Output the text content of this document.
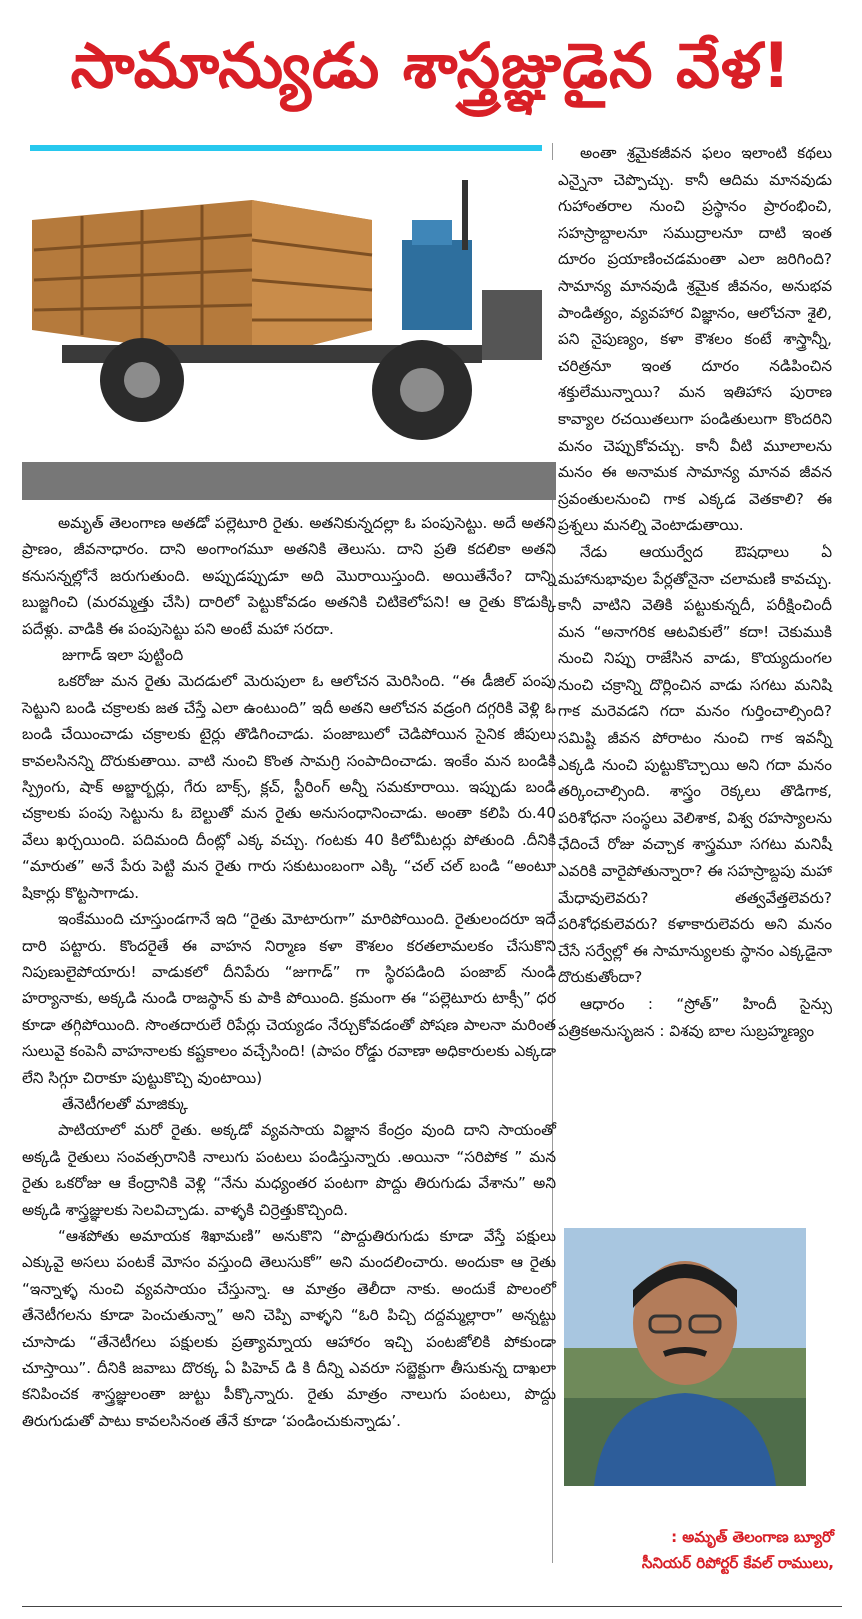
సామాన్యుడు శాస్త్రజ్ఞుడైన వేళ!

అమృత్ తెలంగాణ అతడో పల్లెటూరి రైతు. అతనికున్నదల్లా ఓ పంపుసెట్టు. అదే అతని ప్రాణం, జీవనాధారం. దాని అంగాంగమూ అతనికి తెలుసు. దాని ప్రతి కదలికా అతని కనుసన్నల్లోనే జరుగుతుంది. అప్పుడప్పుడూ అది మొరాయిస్తుంది. అయితేనేం? దాన్ని బుజ్జగించి (మరమ్మత్తు చేసి) దారిలో పెట్టుకోవడం అతనికి చిటికెలోపని! ఆ రైతు కొడుక్కి పదేళ్లు. వాడికి ఈ పంపుసెట్టు పని అంటే మహా సరదా.

జుగాడ్ ఇలా పుట్టింది

ఒకరోజు మన రైతు మెదడులో మెరుపులా ఓ ఆలోచన మెరిసింది. “ఈ డీజిల్ పంపు సెట్టుని బండి చక్రాలకు జత చేస్తే ఎలా ఉంటుంది” ఇదీ అతని ఆలోచన వడ్రంగి దగ్గరికి వెళ్లి ఓ బండి చేయించాడు చక్రాలకు టైర్లు తొడిగించాడు. పంజాబులో చెడిపోయిన సైనిక జీపులు కావలసినన్ని దొరుకుతాయి. వాటి నుంచి కొంత సామగ్రి సంపాదించాడు. ఇంకేం మన బండికి స్ప్రింగు, షాక్ అబ్జార్బర్లు, గేరు బాక్స్, క్లచ్, స్టీరింగ్ అన్నీ సమకూరాయి. ఇప్పుడు బండి చక్రాలకు పంపు సెట్టును ఓ బెల్టుతో మన రైతు అనుసంధానించాడు. అంతా కలిపి రు.40 వేలు ఖర్చయింది. పదిమంది దీంట్లో ఎక్క వచ్చు. గంటకు 40 కిలోమీటర్లు పోతుంది .దీనికి “మారుత” అనే పేరు పెట్టి మన రైతు గారు సకుటుంబంగా ఎక్కి “చల్ చల్ బండి “అంటూ షికార్లు కొట్టసాగాడు.

ఇంకేముంది చూస్తుండగానే ఇది “రైతు మోటారుగా” మారిపోయింది. రైతులందరూ ఇదే దారి పట్టారు. కొందరైతే ఈ వాహన నిర్మాణ కళా కౌశలం కరతలామలకం చేసుకొని నిపుణులైపోయారు! వాడుకలో దీనిపేరు “జుగాడ్” గా స్థిరపడింది పంజాబ్ నుండి హర్యానాకు, అక్కడి నుండి రాజస్థాన్ కు పాకి పోయింది. క్రమంగా ఈ “పల్లెటూరు టాక్సీ” ధర కూడా తగ్గిపోయింది. సొంతదారులే రిపేర్లు చెయ్యడం నేర్చుకోవడంతో పోషణ పాలనా మరింత సులువై కంపెనీ వాహనాలకు కష్టకాలం వచ్చేసింది! (పాపం రోడ్డు రవాణా అధికారులకు ఎక్కడా లేని సిగ్గూ చిరాకూ పుట్టుకొచ్చి వుంటాయి)

తేనెటీగలతో మాజిక్కు

పాటియాలో మరో రైతు. అక్కడో వ్యవసాయ విజ్ఞాన కేంద్రం వుంది దాని సాయంతో అక్కడి రైతులు సంవత్సరానికి నాలుగు పంటలు పండిస్తున్నారు .అయినా “సరిపోక ” మన రైతు ఒకరోజు ఆ కేంద్రానికి వెళ్లి “నేను మధ్యంతర పంటగా పొద్దు తిరుగుడు వేశాను” అని అక్కడి శాస్త్రజ్ఞులకు సెలవిచ్చాడు. వాళ్ళకి చిర్రెత్తుకొచ్చింది.

“ఆశపోతు అమాయక శిఖామణి” అనుకొని “పొద్దుతిరుగుడు కూడా వేస్తే పక్షులు ఎక్కువై అసలు పంటకే మోసం వస్తుంది తెలుసుకో” అని మందలించారు. అందుకా ఆ రైతు “ఇన్నాళ్ళ నుంచి వ్యవసాయం చేస్తున్నా. ఆ మాత్రం తెలీదా నాకు. అందుకే పొలంలో తేనెటీగలను కూడా పెంచుతున్నా” అని చెప్పి వాళ్ళని “ఓరి పిచ్చి దద్దమ్మల్లారా” అన్నట్టు చూసాడు “తేనెటీగలు పక్షులకు ప్రత్యామ్నాయ ఆహారం ఇచ్చి పంటజోలికి పోకుండా చూస్తాయి”. దీనికి జవాబు దొరక్క ఏ పిహెచ్ డి కి దీన్ని ఎవరూ సబ్జెక్టుగా తీసుకున్న దాఖలా కనిపించక శాస్త్రజ్ఞులంతా జుట్టు పీక్కొన్నారు. రైతు మాత్రం నాలుగు పంటలు, పొద్దు తిరుగుడుతో పాటు కావలసినంత తేనే కూడా ‘పండించుకున్నాడు’.

అంతా శ్రమైకజీవన ఫలం ఇలాంటి కథలు ఎన్నైనా చెప్పొచ్చు. కానీ ఆదిమ మానవుడు గుహాంతరాల నుంచి ప్రస్థానం ప్రారంభించి, సహస్రాబ్దాలనూ సముద్రాలనూ దాటి ఇంత దూరం ప్రయాణించడమంతా ఎలా జరిగింది? సామాన్య మానవుడి శ్రమైక జీవనం, అనుభవ పాండిత్యం, వ్యవహార విజ్ఞానం, ఆలోచనా శైలి, పని నైపుణ్యం, కళా కౌశలం కంటే శాస్త్రాన్నీ, చరిత్రనూ ఇంత దూరం నడిపించిన శక్తులేమున్నాయి? మన ఇతిహాస పురాణ కావ్యాల రచయితలుగా పండితులుగా కొందరిని మనం చెప్పుకోవచ్చు. కానీ వీటి మూలాలను మనం ఈ అనామక సామాన్య మానవ జీవన స్రవంతులనుంచి గాక ఎక్కడ వెతకాలి? ఈ ప్రశ్నలు మనల్ని వెంటాడుతాయి.

నేడు ఆయుర్వేద ఔషధాలు ఏ మహానుభావుల పేర్లతోనైనా చలామణి కావచ్చు. కానీ వాటిని వెతికి పట్టుకున్నదీ, పరీక్షించిందీ మన “అనాగరిక ఆటవికులే” కదా! చెకుముకి నుంచి నిప్పు రాజేసిన వాడు, కొయ్యదుంగల నుంచి చక్రాన్ని దొర్లించిన వాడు సగటు మనిషి గాక మరెవడని గదా మనం గుర్తించాల్సింది? సమిష్టి జీవన పోరాటం నుంచి గాక ఇవన్నీ ఎక్కడి నుంచి పుట్టుకొచ్చాయి అని గదా మనం తర్కించాల్సింది. శాస్త్రం రెక్కలు తొడిగాక, పరిశోధనా సంస్థలు వెలిశాక, విశ్వ రహస్యాలను ఛేదించే రోజు వచ్చాక శాస్త్రమూ సగటు మనిషీ ఎవరికి వారైపోతున్నారా? ఈ సహస్రాబ్దపు మహా మేధావులెవరు? తత్వవేత్తలెవరు? పరిశోధకులెవరు? కళాకారులెవరు అని మనం చేసే సర్వేల్లో ఈ సామాన్యులకు స్థానం ఎక్కడైనా దొరుకుతోందా?

ఆధారం : “స్రోత్” హిందీ సైన్సు పత్రికఅనుసృజన : విశవు బాల సుబ్రహ్మణ్యం

: అమృత్ తెలంగాణ బ్యూరో
సీనియర్ రిపోర్టర్ కేవల్ రాములు,
